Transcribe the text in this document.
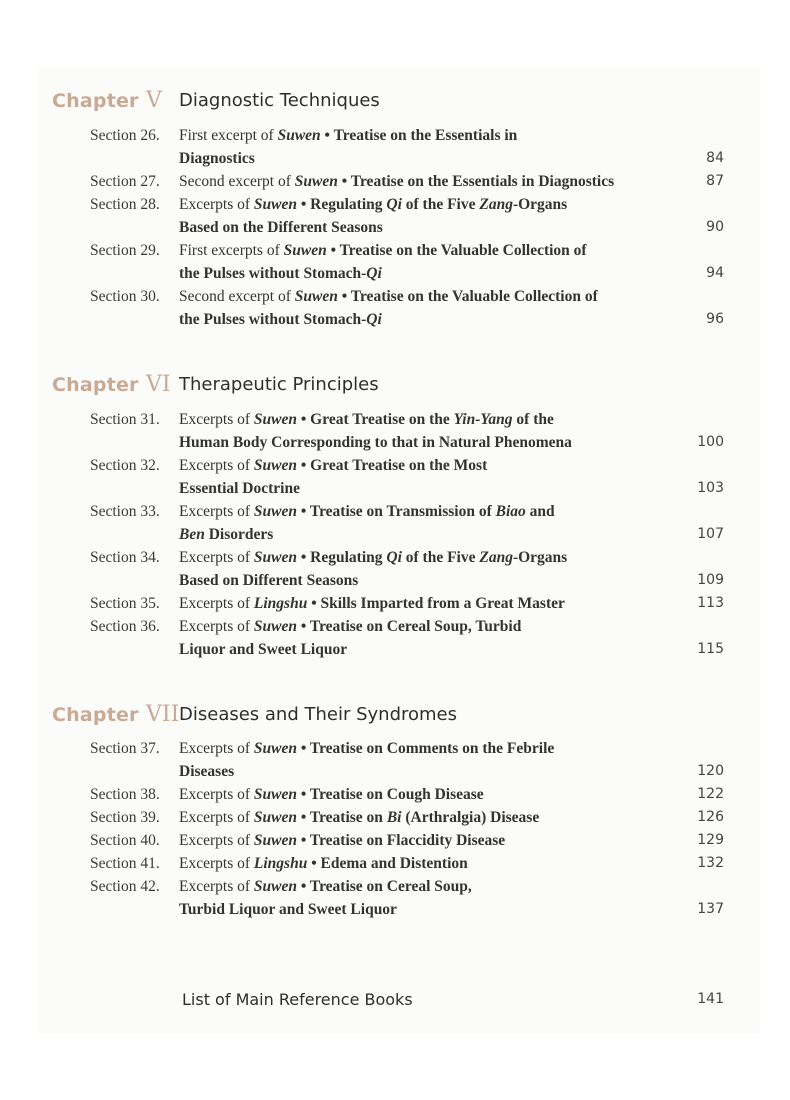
Chapter V Diagnostic Techniques
Section 26. First excerpt of Suwen • Treatise on the Essentials in
Diagnostics	84
Section 27. Second excerpt of Suwen • Treatise on the Essentials in Diagnostics	87
Section 28. Excerpts of Suwen • Regulating Qi of the Five Zang-Organs
Based on the Different Seasons	90
Section 29. First excerpts of Suwen • Treatise on the Valuable Collection of
the Pulses without Stomach-Qi	94
Section 30. Second excerpt of Suwen • Treatise on the Valuable Collection of
the Pulses without Stomach-Qi	96
Chapter VI Therapeutic Principles
Section 31. Excerpts of Suwen • Great Treatise on the Yin-Yang of the
Human Body Corresponding to that in Natural Phenomena	100
Section 32. Excerpts of Suwen • Great Treatise on the Most
Essential Doctrine	103
Section 33. Excerpts of Suwen • Treatise on Transmission of Biao and
Ben Disorders	107
Section 34. Excerpts of Suwen • Regulating Qi of the Five Zang-Organs
Based on Different Seasons	109
Section 35. Excerpts of Lingshu • Skills Imparted from a Great Master	113
Section 36. Excerpts of Suwen • Treatise on Cereal Soup, Turbid
Liquor and Sweet Liquor	115
Chapter VII Diseases and Their Syndromes
Section 37. Excerpts of Suwen • Treatise on Comments on the Febrile
Diseases	120
Section 38. Excerpts of Suwen • Treatise on Cough Disease	122
Section 39. Excerpts of Suwen • Treatise on Bi (Arthralgia) Disease	126
Section 40. Excerpts of Suwen • Treatise on Flaccidity Disease	129
Section 41. Excerpts of Lingshu • Edema and Distention	132
Section 42. Excerpts of Suwen • Treatise on Cereal Soup,
Turbid Liquor and Sweet Liquor	137
List of Main Reference Books	141
